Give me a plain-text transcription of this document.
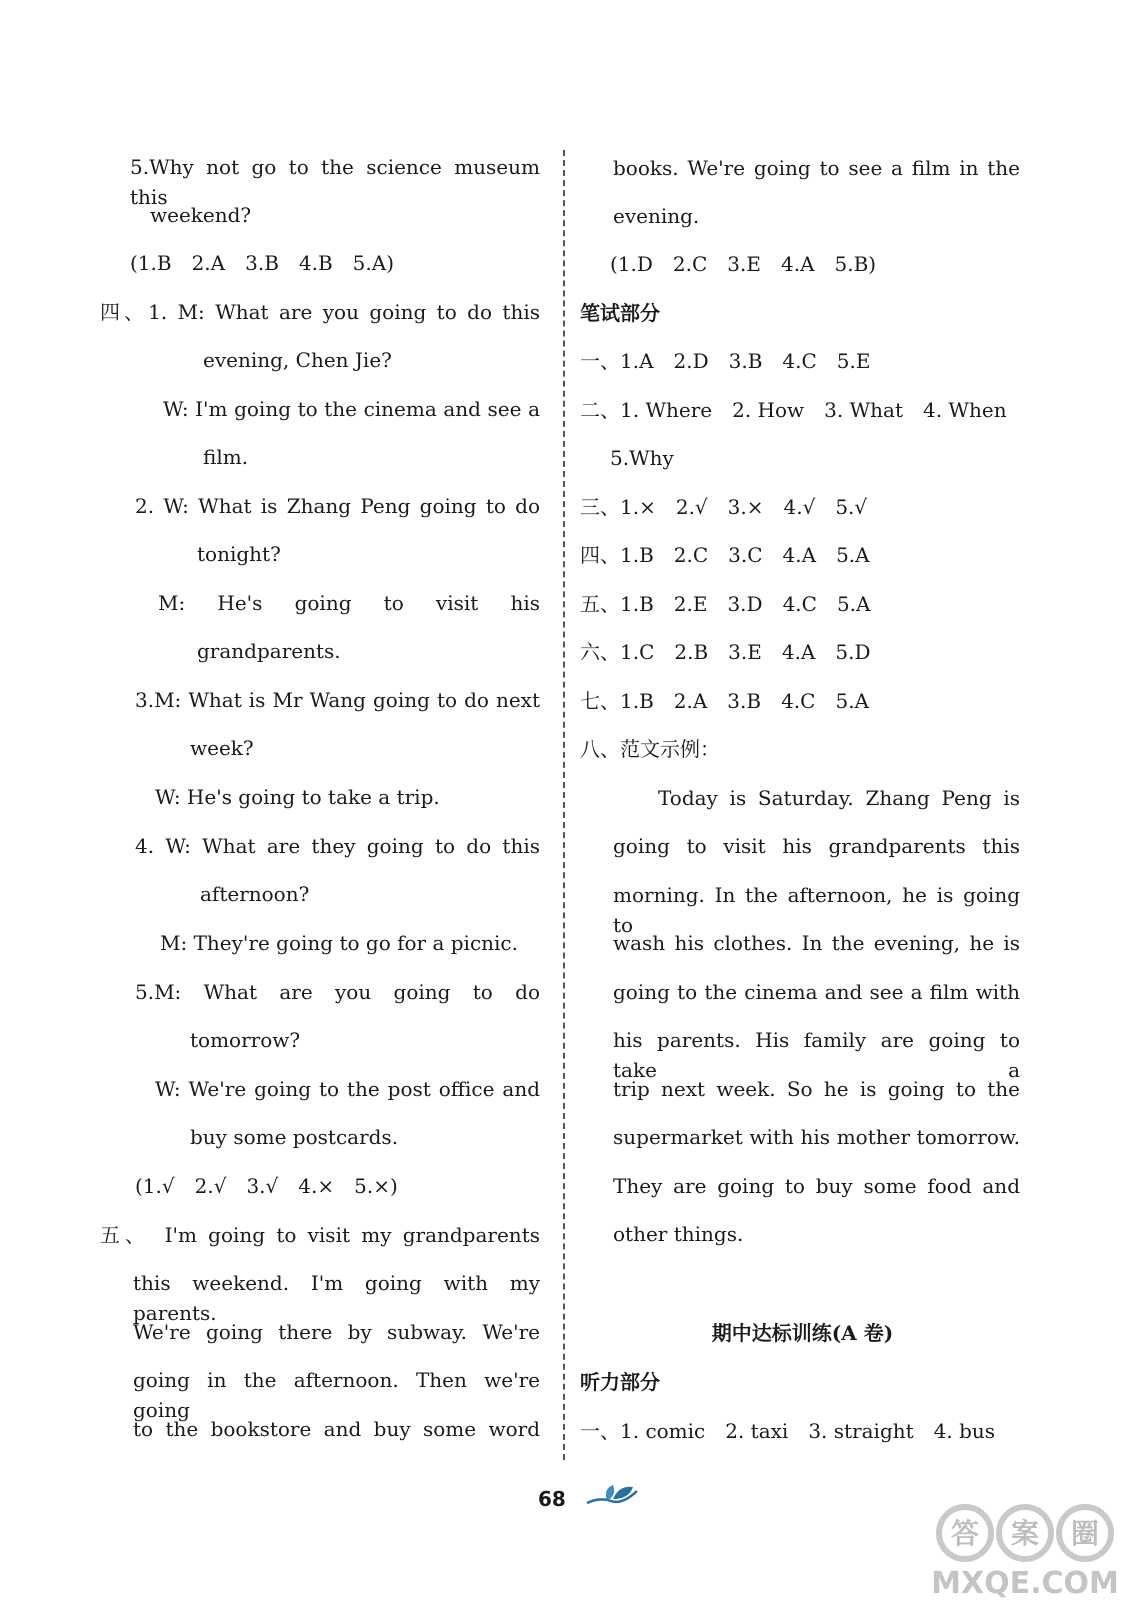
5.Why not go to the science museum this
weekend?
(1.B　2.A　3.B　4.B　5.A)
四、1. M: What are you going to do this
evening, Chen Jie?
W: I'm going to the cinema and see a
film.
2. W: What is Zhang Peng going to do
tonight?
M: He's going to visit his
grandparents.
3.M: What is Mr Wang going to do next
week?
W: He's going to take a trip.
4. W: What are they going to do this
afternoon?
M: They're going to go for a picnic.
5.M: What are you going to do
tomorrow?
W: We're going to the post office and
buy some postcards.
(1.√　2.√　3.√　4.×　5.×)
五、　I'm going to visit my grandparents
this weekend. I'm going with my parents.
We're going there by subway. We're
going in the afternoon. Then we're going
to the bookstore and buy some word
books. We're going to see a film in the
evening.
(1.D　2.C　3.E　4.A　5.B)
笔试部分
一、1.A　2.D　3.B　4.C　5.E
二、1. Where　2. How　3. What　4. When
5.Why
三、1.×　2.√　3.×　4.√　5.√
四、1.B　2.C　3.C　4.A　5.A
五、1.B　2.E　3.D　4.C　5.A
六、1.C　2.B　3.E　4.A　5.D
七、1.B　2.A　3.B　4.C　5.A
八、范文示例：
Today is Saturday. Zhang Peng is
going to visit his grandparents this
morning. In the afternoon, he is going to
wash his clothes. In the evening, he is
going to the cinema and see a film with
his parents. His family are going to take a
trip next week. So he is going to the
supermarket with his mother tomorrow.
They are going to buy some food and
other things.
期中达标训练(A 卷)
听力部分
一、1. comic　2. taxi　3. straight　4. bus
68
答 案 圈
MXQE.COM
